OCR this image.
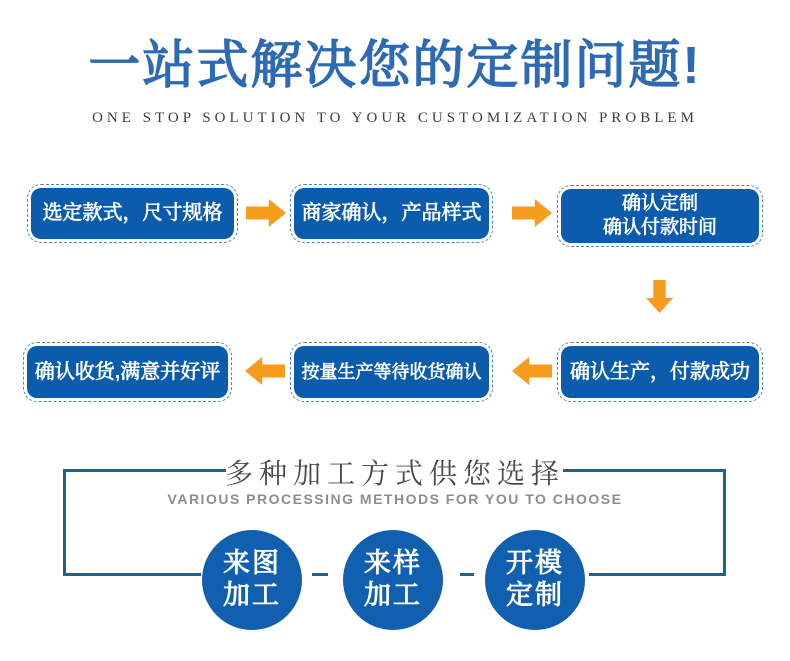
一站式解决您的定制问题!
ONE STOP SOLUTION TO YOUR CUSTOMIZATION PROBLEM
选定款式，尺寸规格	商家确认，产品样式	确认定制
确认付款时间
确认生产，付款成功
按量生产等待收货确认
确认收货,满意并好评
多种加工方式供您选择
VARIOUS PROCESSING METHODS FOR YOU TO CHOOSE
来图
加工
来样
加工
开模
定制
